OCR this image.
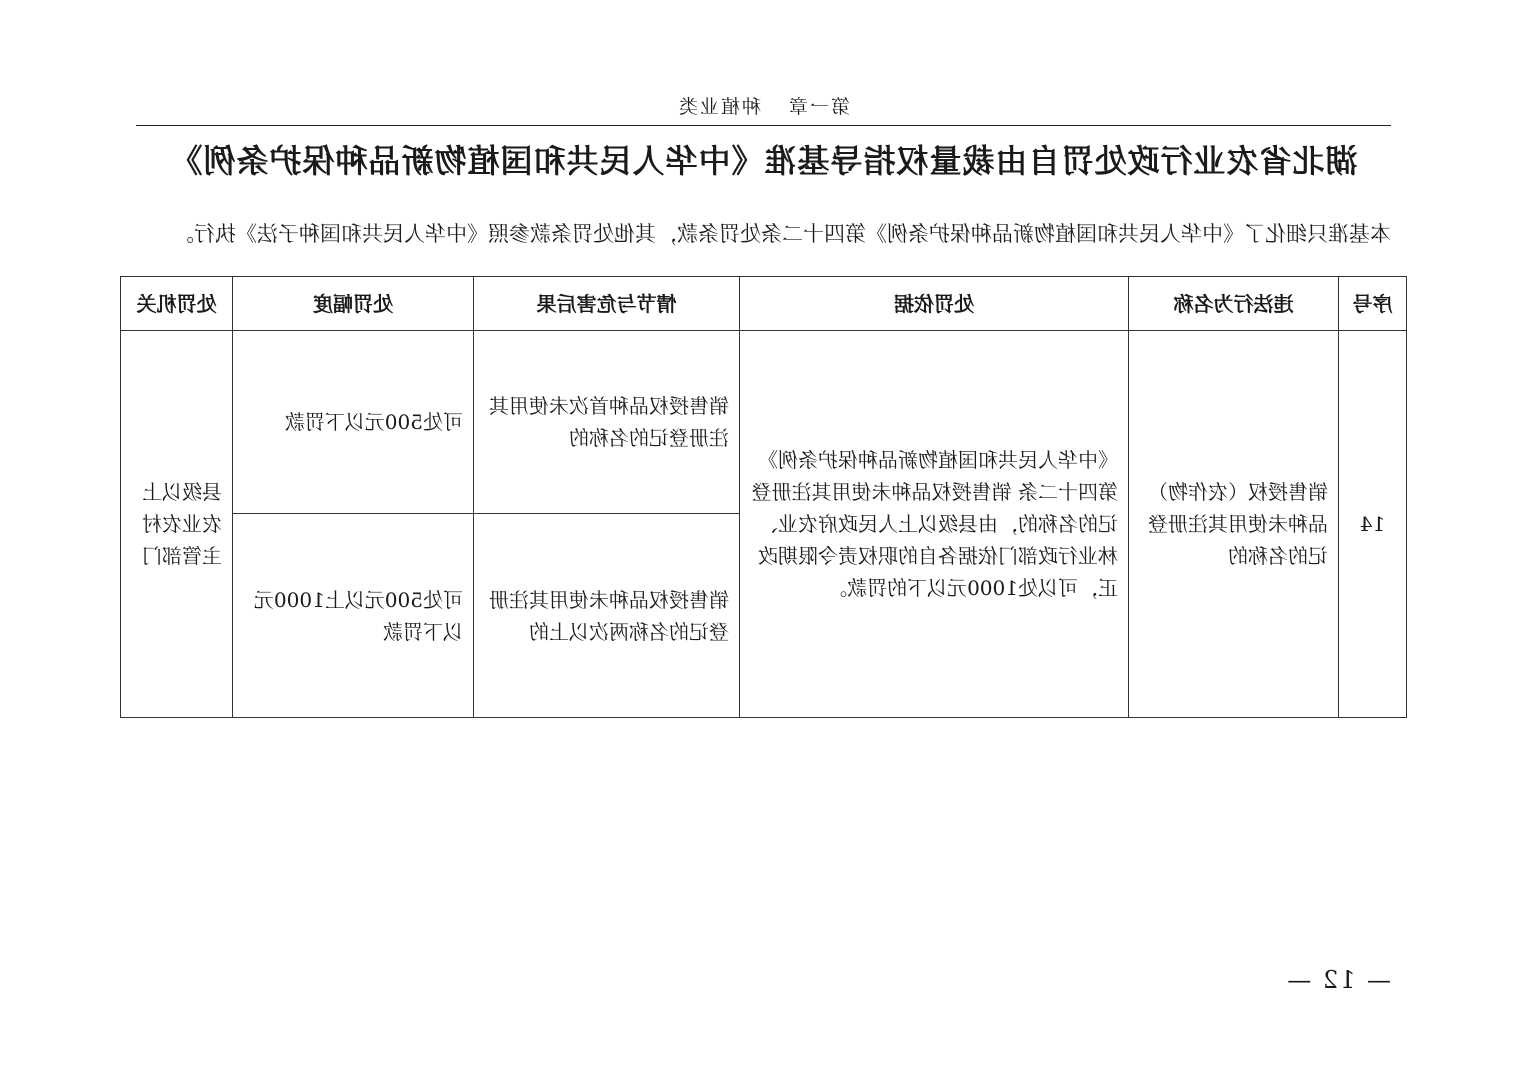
第一章种植业类
湖北省农业行政处罚自由裁量权指导基准《中华人民共和国植物新品种保护条例》
本基准只细化了《中华人民共和国植物新品种保护条例》第四十二条处罚条款，其他处罚条款参照《中华人民共和国种子法》执行。
序号	违法行为名称	处罚依据	情节与危害后果	处罚幅度	处罚机关
14	销售授权（农作物）品种未使用其注册登记的名称的	《中华人民共和国植物新品种保护条例》第四十二条 销售授权品种未使用其注册登记的名称的，由县级以上人民政府农业、林业行政部门依据各自的职权责令限期改正，可以处1000元以下的罚款。	销售授权品种首次未使用其注册登记的名称的	可处500元以下罚款	县级以上农业农村主管部门
			销售授权品种未使用其注册登记的名称两次以上的	可处500元以上1000元以下罚款	
— 12 —
